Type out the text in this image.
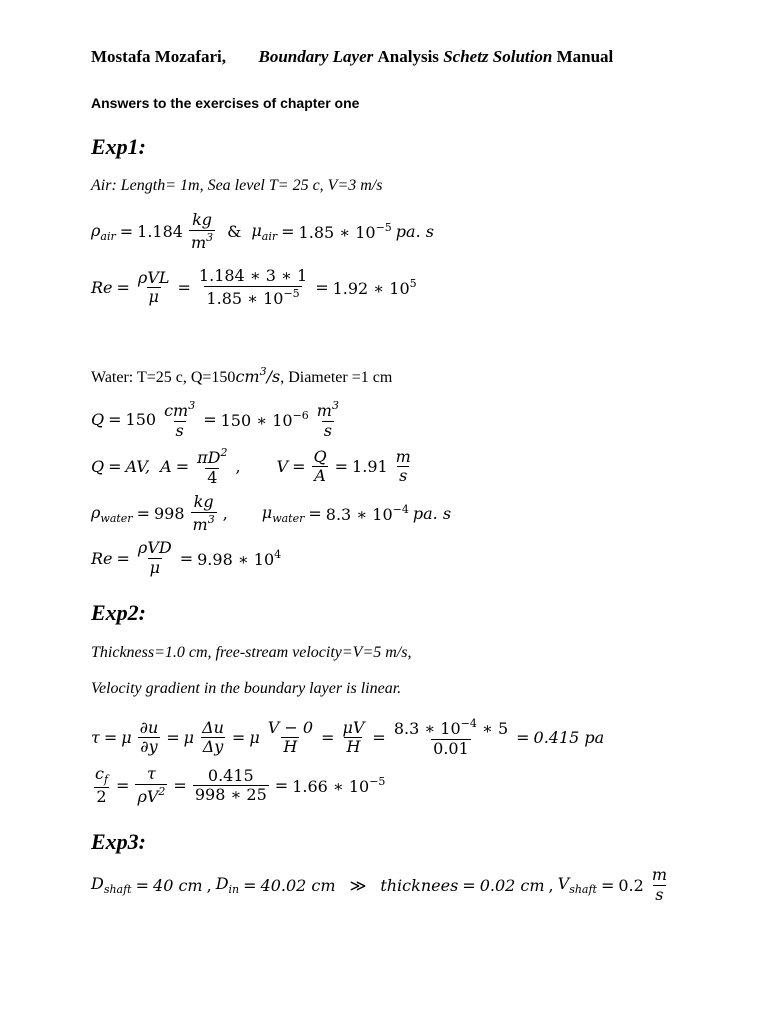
Mostafa Mozafari, Boundary Layer Analysis Schetz Solution Manual
Answers to the exercises of chapter one
Exp1:
Air: Length= 1m, Sea level T= 25 c, V=3 m/s
$\rho_{air} = 1.184 \frac{kg}{m^3}$ & $\mu_{air} = 1.85$ ∗ $10^{-5}$ pa. s
$Re = \frac{\text{ρVL}}{\mu} = \frac{1.184 ∗ 3 ∗ 1}{1.85 ∗ 10^{-5}} = 1.92$ ∗ $10^5$
Water: T=25 c, $Q=150cm^3/s$, Diameter =1 cm
$Q = 150 \frac{cm^3}{s} = 150$ ∗ $10^{-6} \frac{m^3}{s}$
Q = AV, $A = \frac{\pi D^2}{4}$ , $V = \frac{Q}{A} = 1.91 \frac{m}{s}$
$\rho_{water} = 998 \frac{kg}{m^3}$ , $\mu_{water} = 8.3$ ∗ $10^{-4}$ pa. s
$Re = \frac{\text{ρVD}}{\mu} = 9.98$ ∗ $10^4$
Exp2:
Thickness=1.0 cm, free-stream velocity=V=5 m/s,
Velocity gradient in the boundary layer is linear.
τ = μ $\frac{\partial u}{\partial y} = \mu \frac{\Delta u}{\Delta y} = \mu \frac{V - 0}{H} = \frac{\mu V}{H} = \frac{8.3 ∗ 10^{-4} ∗ 5}{0.01} = 0.415$ pa
$\frac{c_f}{2} = \frac{\tau}{\rho V^2} = \frac{0.415}{998 ∗ 25} = 1.66$ ∗ $10^{-5}$
Exp3:
$D_{shaft} = 40$ cm , $D_{in} = 40.02$ cm ≫ thicknees = 0.02 cm , $V_{shaft} = 0.2 \frac{m}{s}$
